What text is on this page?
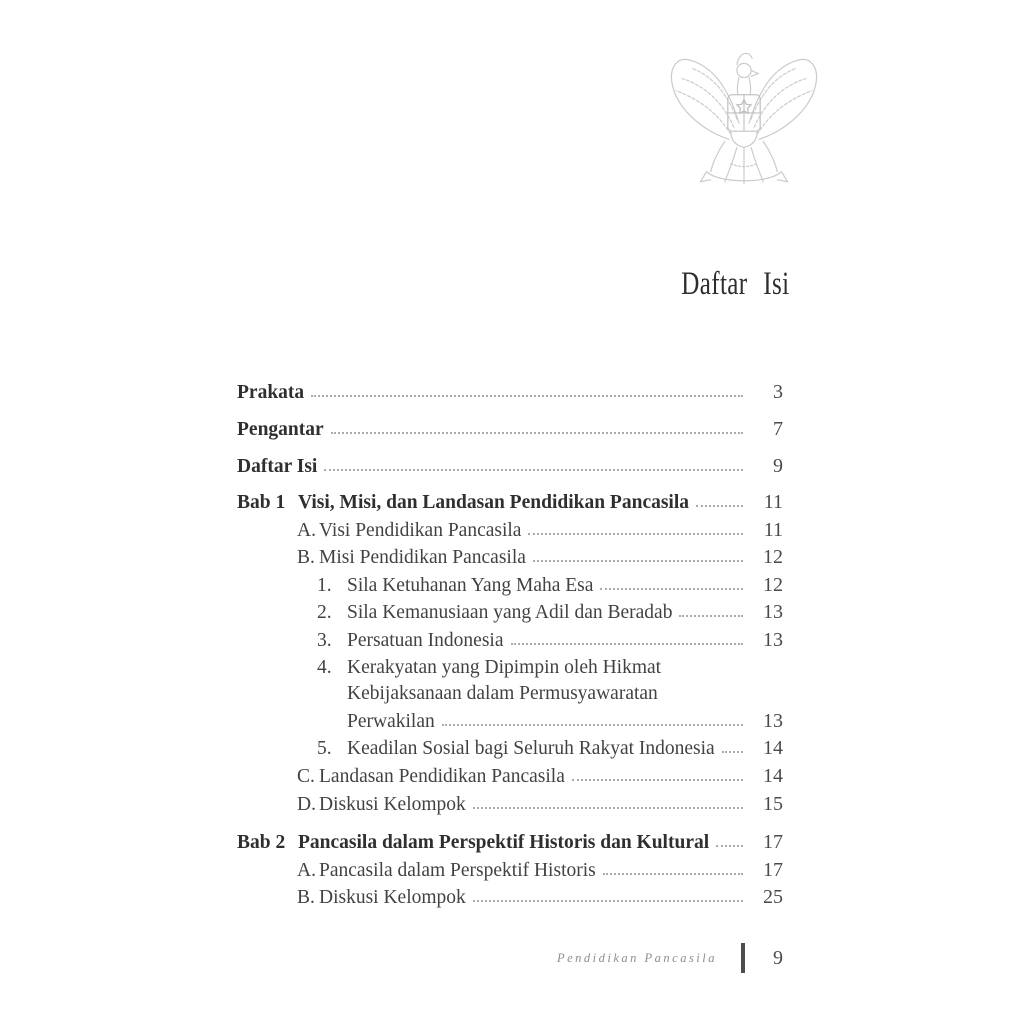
Daftar Isi
Prakata	3
Pengantar	7
Daftar Isi	9
Bab 1 Visi, Misi, dan Landasan Pendidikan Pancasila	11
A. Visi Pendidikan Pancasila	11
B. Misi Pendidikan Pancasila	12
1. Sila Ketuhanan Yang Maha Esa	12
2. Sila Kemanusiaan yang Adil dan Beradab	13
3. Persatuan Indonesia	13
4. Kerakyatan yang Dipimpin oleh Hikmat
Kebijaksanaan dalam Permusyawaratan
Perwakilan	13
5. Keadilan Sosial bagi Seluruh Rakyat Indonesia	14
C. Landasan Pendidikan Pancasila	14
D. Diskusi Kelompok	15
Bab 2 Pancasila dalam Perspektif Historis dan Kultural	17
A. Pancasila dalam Perspektif Historis	17
B. Diskusi Kelompok	25
Pendidikan Pancasila	9
